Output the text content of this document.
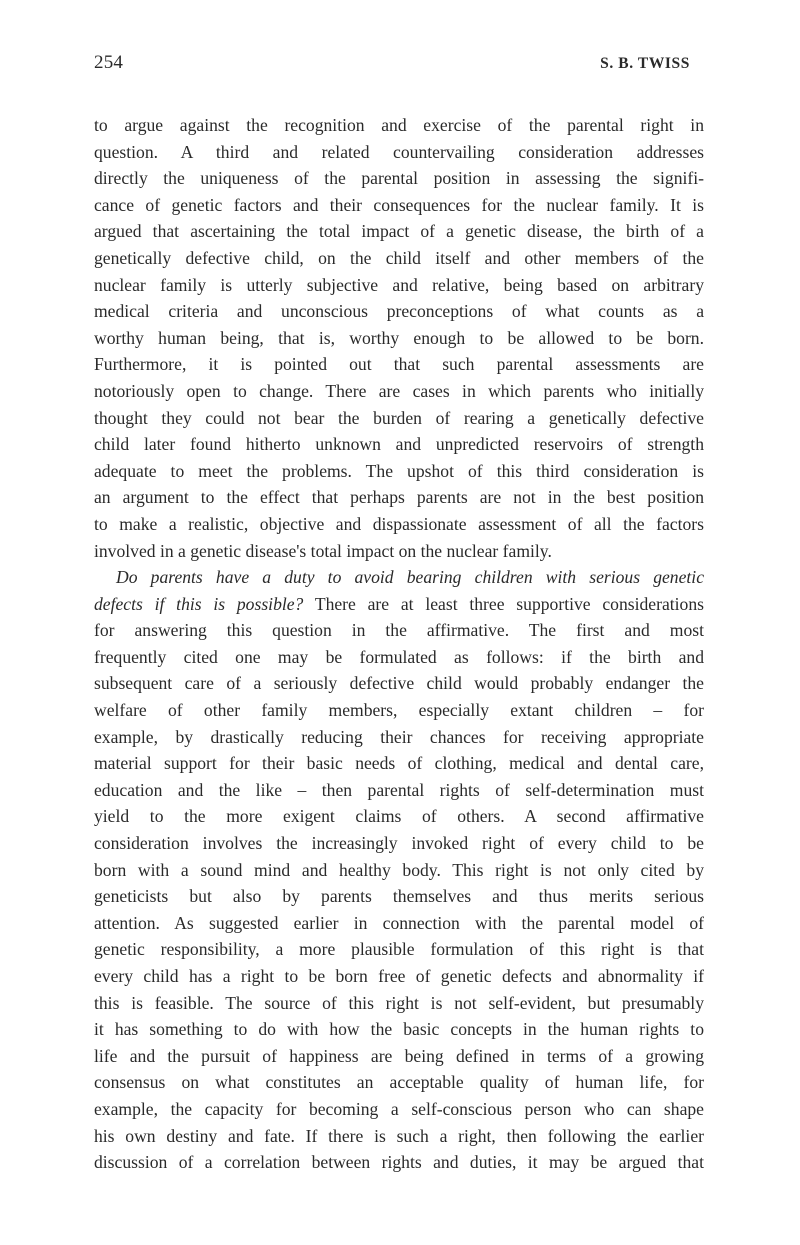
254	S. B. TWISS
to argue against the recognition and exercise of the parental right in
question. A third and related countervailing consideration addresses
directly the uniqueness of the parental position in assessing the signifi-
cance of genetic factors and their consequences for the nuclear family. It is
argued that ascertaining the total impact of a genetic disease, the birth of a
genetically defective child, on the child itself and other members of the
nuclear family is utterly subjective and relative, being based on arbitrary
medical criteria and unconscious preconceptions of what counts as a
worthy human being, that is, worthy enough to be allowed to be born.
Furthermore, it is pointed out that such parental assessments are
notoriously open to change. There are cases in which parents who initially
thought they could not bear the burden of rearing a genetically defective
child later found hitherto unknown and unpredicted reservoirs of strength
adequate to meet the problems. The upshot of this third consideration is
an argument to the effect that perhaps parents are not in the best position
to make a realistic, objective and dispassionate assessment of all the factors
involved in a genetic disease's total impact on the nuclear family.
Do parents have a duty to avoid bearing children with serious genetic
defects if this is possible? There are at least three supportive considerations
for answering this question in the affirmative. The first and most
frequently cited one may be formulated as follows: if the birth and
subsequent care of a seriously defective child would probably endanger the
welfare of other family members, especially extant children – for
example, by drastically reducing their chances for receiving appropriate
material support for their basic needs of clothing, medical and dental care,
education and the like – then parental rights of self-determination must
yield to the more exigent claims of others. A second affirmative
consideration involves the increasingly invoked right of every child to be
born with a sound mind and healthy body. This right is not only cited by
geneticists but also by parents themselves and thus merits serious
attention. As suggested earlier in connection with the parental model of
genetic responsibility, a more plausible formulation of this right is that
every child has a right to be born free of genetic defects and abnormality if
this is feasible. The source of this right is not self-evident, but presumably
it has something to do with how the basic concepts in the human rights to
life and the pursuit of happiness are being defined in terms of a growing
consensus on what constitutes an acceptable quality of human life, for
example, the capacity for becoming a self-conscious person who can shape
his own destiny and fate. If there is such a right, then following the earlier
discussion of a correlation between rights and duties, it may be argued that
